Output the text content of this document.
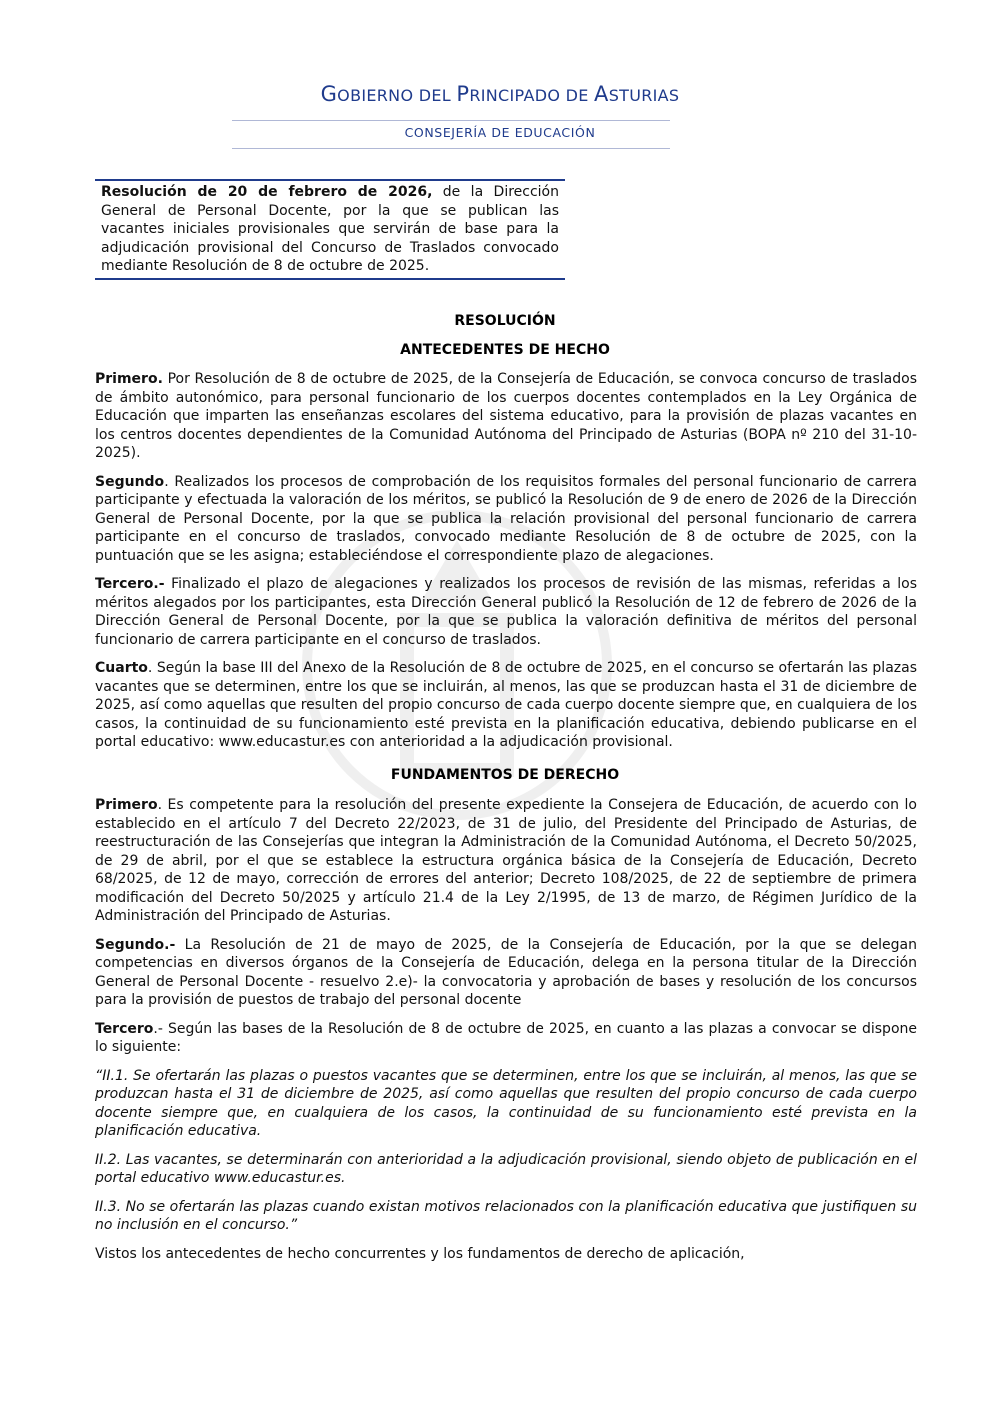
GOBIERNO DEL PRINCIPADO DE ASTURIAS
CONSEJERÍA DE EDUCACIÓN
Resolución de 20 de febrero de 2026, de la Dirección General de Personal Docente, por la que se publican las vacantes iniciales provisionales que servirán de base para la adjudicación provisional del Concurso de Traslados convocado mediante Resolución de 8 de octubre de 2025.
RESOLUCIÓN
ANTECEDENTES DE HECHO

Primero. Por Resolución de 8 de octubre de 2025, de la Consejería de Educación, se convoca concurso de traslados de ámbito autonómico, para personal funcionario de los cuerpos docentes contemplados en la Ley Orgánica de Educación que imparten las enseñanzas escolares del sistema educativo, para la provisión de plazas vacantes en los centros docentes dependientes de la Comunidad Autónoma del Principado de Asturias (BOPA nº 210 del 31-10-2025).

Segundo. Realizados los procesos de comprobación de los requisitos formales del personal funcionario de carrera participante y efectuada la valoración de los méritos, se publicó la Resolución de 9 de enero de 2026 de la Dirección General de Personal Docente, por la que se publica la relación provisional del personal funcionario de carrera participante en el concurso de traslados, convocado mediante Resolución de 8 de octubre de 2025, con la puntuación que se les asigna; estableciéndose el correspondiente plazo de alegaciones.

Tercero.- Finalizado el plazo de alegaciones y realizados los procesos de revisión de las mismas, referidas a los méritos alegados por los participantes, esta Dirección General publicó la Resolución de 12 de febrero de 2026 de la Dirección General de Personal Docente, por la que se publica la valoración definitiva de méritos del personal funcionario de carrera participante en el concurso de traslados.

Cuarto. Según la base III del Anexo de la Resolución de 8 de octubre de 2025, en el concurso se ofertarán las plazas vacantes que se determinen, entre los que se incluirán, al menos, las que se produzcan hasta el 31 de diciembre de 2025, así como aquellas que resulten del propio concurso de cada cuerpo docente siempre que, en cualquiera de los casos, la continuidad de su funcionamiento esté prevista en la planificación educativa, debiendo publicarse en el portal educativo: www.educastur.es con anterioridad a la adjudicación provisional.

FUNDAMENTOS DE DERECHO

Primero. Es competente para la resolución del presente expediente la Consejera de Educación, de acuerdo con lo establecido en el artículo 7 del Decreto 22/2023, de 31 de julio, del Presidente del Principado de Asturias, de reestructuración de las Consejerías que integran la Administración de la Comunidad Autónoma, el Decreto 50/2025, de 29 de abril, por el que se establece la estructura orgánica básica de la Consejería de Educación, Decreto 68/2025, de 12 de mayo, corrección de errores del anterior; Decreto 108/2025, de 22 de septiembre de primera modificación del Decreto 50/2025 y artículo 21.4 de la Ley 2/1995, de 13 de marzo, de Régimen Jurídico de la Administración del Principado de Asturias.

Segundo.- La Resolución de 21 de mayo de 2025, de la Consejería de Educación, por la que se delegan competencias en diversos órganos de la Consejería de Educación, delega en la persona titular de la Dirección General de Personal Docente - resuelvo 2.e)- la convocatoria y aprobación de bases y resolución de los concursos para la provisión de puestos de trabajo del personal docente

Tercero.- Según las bases de la Resolución de 8 de octubre de 2025, en cuanto a las plazas a convocar se dispone lo siguiente:

“II.1. Se ofertarán las plazas o puestos vacantes que se determinen, entre los que se incluirán, al menos, las que se produzcan hasta el 31 de diciembre de 2025, así como aquellas que resulten del propio concurso de cada cuerpo docente siempre que, en cualquiera de los casos, la continuidad de su funcionamiento esté prevista en la planificación educativa.

II.2. Las vacantes, se determinarán con anterioridad a la adjudicación provisional, siendo objeto de publicación en el portal educativo www.educastur.es.

II.3. No se ofertarán las plazas cuando existan motivos relacionados con la planificación educativa que justifiquen su no inclusión en el concurso.”

Vistos los antecedentes de hecho concurrentes y los fundamentos de derecho de aplicación,
